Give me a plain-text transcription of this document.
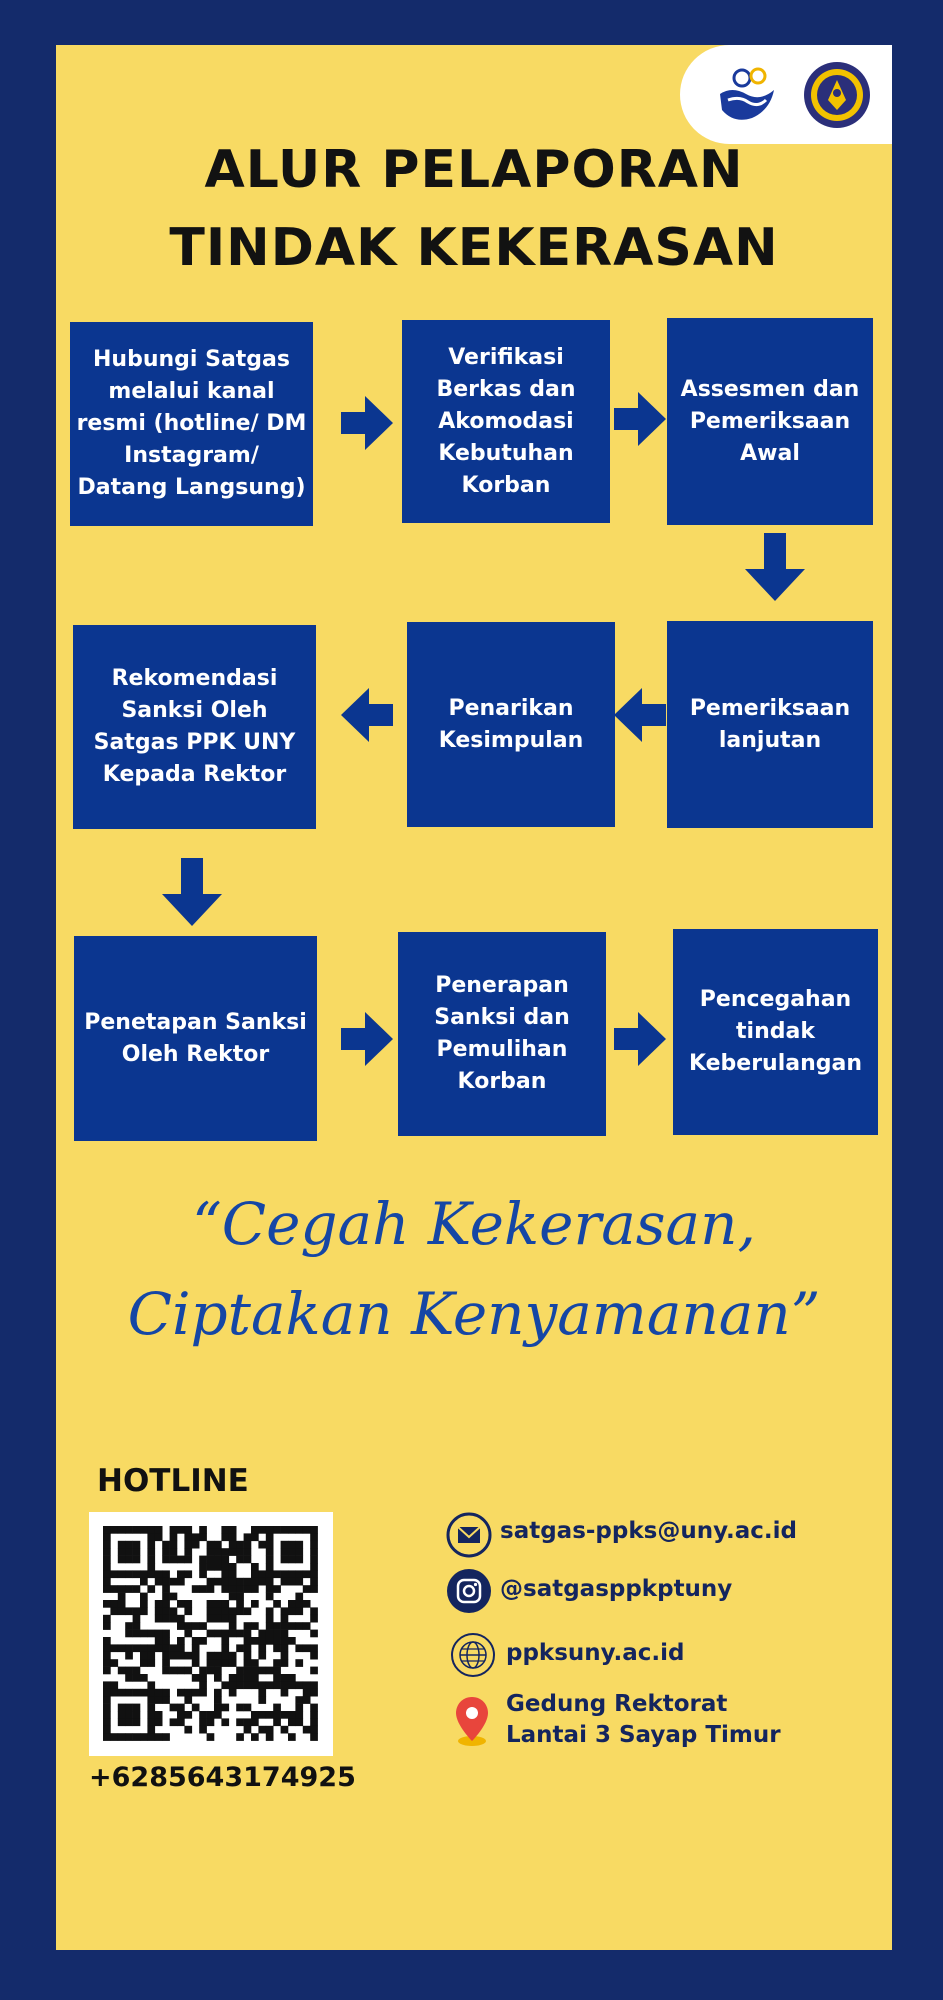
ALUR PELAPORAN
TINDAK KEKERASAN
Hubungi Satgas melalui kanal resmi (hotline/ DM Instagram/ Datang Langsung)
Verifikasi Berkas dan Akomodasi Kebutuhan Korban
Assesmen dan Pemeriksaan Awal
Pemeriksaan lanjutan
Penarikan Kesimpulan
Rekomendasi Sanksi Oleh Satgas PPK UNY Kepada Rektor
Penetapan Sanksi Oleh Rektor
Penerapan Sanksi dan Pemulihan Korban
Pencegahan tindak Keberulangan
“Cegah Kekerasan,
Ciptakan Kenyamanan”
HOTLINE
+6285643174925
satgas-ppks@uny.ac.id
@satgasppkptuny
ppksuny.ac.id
Gedung Rektorat
Lantai 3 Sayap Timur
